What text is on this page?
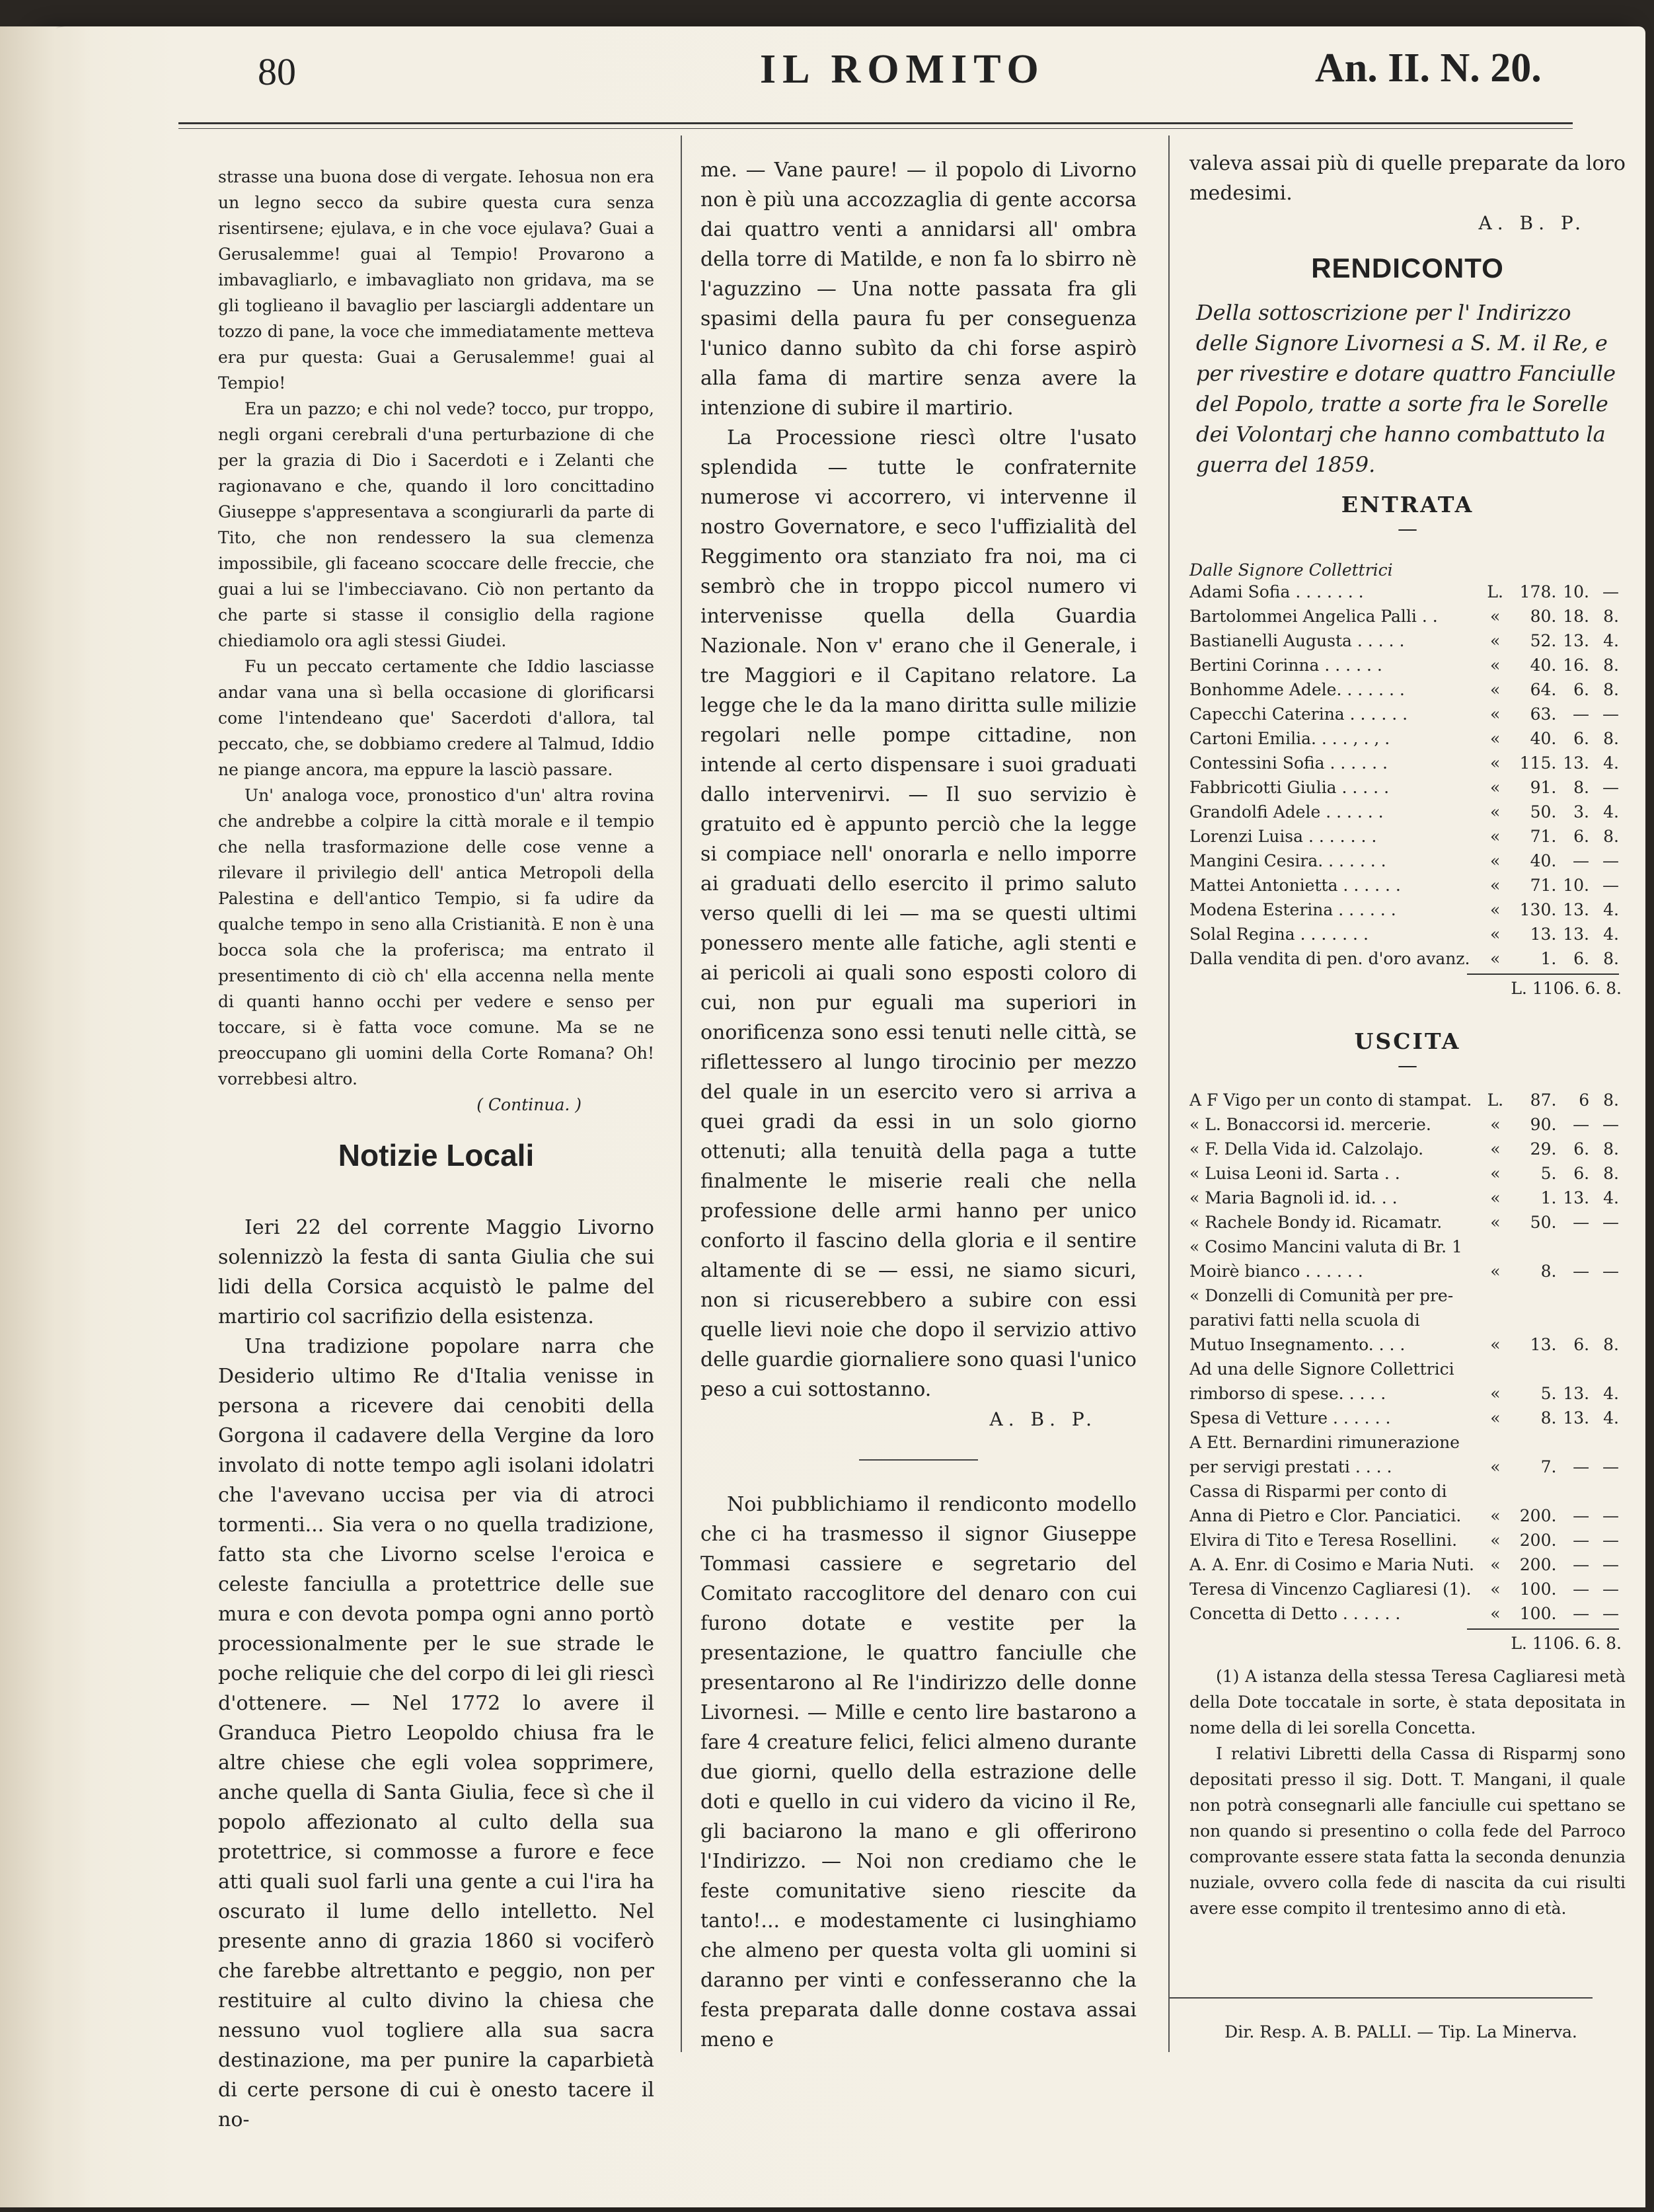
80	IL ROMITO	An. II. N. 20.

strasse una buona dose di vergate. Iehosua non era un legno secco da subire questa cura senza risentirsene; ejulava, e in che voce ejulava? Guai a Gerusalemme! guai al Tempio! Provarono a imbavagliarlo, e imbavagliato non gridava, ma se gli toglieano il bavaglio per lasciargli addentare un tozzo di pane, la voce che immediatamente metteva era pur questa: Guai a Gerusalemme! guai al Tempio!

Era un pazzo; e chi nol vede? tocco, pur troppo, negli organi cerebrali d'una perturbazione di che per la grazia di Dio i Sacerdoti e i Zelanti che ragionavano e che, quando il loro concittadino Giuseppe s'appresentava a scongiurarli da parte di Tito, che non rendessero la sua clemenza impossibile, gli faceano scoccare delle freccie, che guai a lui se l'imbecciavano. Ciò non pertanto da che parte si stasse il consiglio della ragione chiediamolo ora agli stessi Giudei.

Fu un peccato certamente che Iddio lasciasse andar vana una sì bella occasione di glorificarsi come l'intendeano que' Sacerdoti d'allora, tal peccato, che, se dobbiamo credere al Talmud, Iddio ne piange ancora, ma eppure la lasciò passare.

Un' analoga voce, pronostico d'un' altra rovina che andrebbe a colpire la città morale e il tempio che nella trasformazione delle cose venne a rilevare il privilegio dell' antica Metropoli della Palestina e dell'antico Tempio, si fa udire da qualche tempo in seno alla Cristianità. E non è una bocca sola che la proferisca; ma entrato il presentimento di ciò ch' ella accenna nella mente di quanti hanno occhi per vedere e senso per toccare, si è fatta voce comune. Ma se ne preoccupano gli uomini della Corte Romana? Oh! vorrebbesi altro.

( Continua. )

Notizie Locali

Ieri 22 del corrente Maggio Livorno solennizzò la festa di santa Giulia che sui lidi della Corsica acquistò le palme del martirio col sacrifizio della esistenza.

Una tradizione popolare narra che Desiderio ultimo Re d'Italia venisse in persona a ricevere dai cenobiti della Gorgona il cadavere della Vergine da loro involato di notte tempo agli isolani idolatri che l'avevano uccisa per via di atroci tormenti... Sia vera o no quella tradizione, fatto sta che Livorno scelse l'eroica e celeste fanciulla a protettrice delle sue mura e con devota pompa ogni anno portò processionalmente per le sue strade le poche reliquie che del corpo di lei gli riescì d'ottenere. — Nel 1772 lo avere il Granduca Pietro Leopoldo chiusa fra le altre chiese che egli volea sopprimere, anche quella di Santa Giulia, fece sì che il popolo affezionato al culto della sua protettrice, si commosse a furore e fece atti quali suol farli una gente a cui l'ira ha oscurato il lume dello intelletto. Nel presente anno di grazia 1860 si vociferò che farebbe altrettanto e peggio, non per restituire al culto divino la chiesa che nessuno vuol togliere alla sua sacra destinazione, ma per punire la caparbietà di certe persone di cui è onesto tacere il no-

me. — Vane paure! — il popolo di Livorno non è più una accozzaglia di gente accorsa dai quattro venti a annidarsi all' ombra della torre di Matilde, e non fa lo sbirro nè l'aguzzino — Una notte passata fra gli spasimi della paura fu per conseguenza l'unico danno subìto da chi forse aspirò alla fama di martire senza avere la intenzione di subire il martirio.

La Processione riescì oltre l'usato splendida — tutte le confraternite numerose vi accorrero, vi intervenne il nostro Governatore, e seco l'uffizialità del Reggimento ora stanziato fra noi, ma ci sembrò che in troppo piccol numero vi intervenisse quella della Guardia Nazionale. Non v' erano che il Generale, i tre Maggiori e il Capitano relatore. La legge che le da la mano diritta sulle milizie regolari nelle pompe cittadine, non intende al certo dispensare i suoi graduati dallo intervenirvi. — Il suo servizio è gratuito ed è appunto perciò che la legge si compiace nell' onorarla e nello imporre ai graduati dello esercito il primo saluto verso quelli di lei — ma se questi ultimi ponessero mente alle fatiche, agli stenti e ai pericoli ai quali sono esposti coloro di cui, non pur eguali ma superiori in onorificenza sono essi tenuti nelle città, se riflettessero al lungo tirocinio per mezzo del quale in un esercito vero si arriva a quei gradi da essi in un solo giorno ottenuti; alla tenuità della paga a tutte finalmente le miserie reali che nella professione delle armi hanno per unico conforto il fascino della gloria e il sentire altamente di se — essi, ne siamo sicuri, non si ricuserebbero a subire con essi quelle lievi noie che dopo il servizio attivo delle guardie giornaliere sono quasi l'unico peso a cui sottostanno.

A. B. P.

Noi pubblichiamo il rendiconto modello che ci ha trasmesso il signor Giuseppe Tommasi cassiere e segretario del Comitato raccoglitore del denaro con cui furono dotate e vestite per la presentazione, le quattro fanciulle che presentarono al Re l'indirizzo delle donne Livornesi. — Mille e cento lire bastarono a fare 4 creature felici, felici almeno durante due giorni, quello della estrazione delle doti e quello in cui videro da vicino il Re, gli baciarono la mano e gli offerirono l'Indirizzo. — Noi non crediamo che le feste comunitative sieno riescite da tanto!... e modestamente ci lusinghiamo che almeno per questa volta gli uomini si daranno per vinti e confesseranno che la festa preparata dalle donne costava assai meno e

valeva assai più di quelle preparate da loro medesimi.

A. B. P.

RENDICONTO

Della sottoscrizione per l' Indirizzo delle Signore Livornesi a S. M. il Re, e per rivestire e dotare quattro Fanciulle del Popolo, tratte a sorte fra le Sorelle dei Volontarj che hanno combattuto la guerra del 1859.

ENTRATA
—
Dalle Signore Collettrici
Adami Sofia . . . . . . .	L.	178.	10.	—
Bartolommei Angelica Palli . .	«	80.	18.	8.
Bastianelli Augusta . . . . .	«	52.	13.	4.
Bertini Corinna . . . . . .	«	40.	16.	8.
Bonhomme Adele. . . . . . .	«	64.	6.	8.
Capecchi Caterina . . . . . .	«	63.	—	—
Cartoni Emilia. . . . , . , .	«	40.	6.	8.
Contessini Sofia . . . . . .	«	115.	13.	4.
Fabbricotti Giulia . . . . .	«	91.	8.	—
Grandolfi Adele . . . . . .	«	50.	3.	4.
Lorenzi Luisa . . . . . . .	«	71.	6.	8.
Mangini Cesira. . . . . . .	«	40.	—	—
Mattei Antonietta . . . . . .	«	71.	10.	—
Modena Esterina . . . . . .	«	130.	13.	4.
Solal Regina . . . . . . .	«	13.	13.	4.
Dalla vendita di pen. d'oro avanz.	«	1.	6.	8.

L. 1106. 6. 8.

USCITA
—
A F Vigo per un conto di stampat.	L.	87.	6	8.
« L. Bonaccorsi id. mercerie.	«	90.	—	—
« F. Della Vida id. Calzolajo.	«	29.	6.	8.
« Luisa Leoni id. Sarta . .	«	5.	6.	8.
« Maria Bagnoli id. id. . .	«	1.	13.	4.
« Rachele Bondy id. Ricamatr.	«	50.	—	—
« Cosimo Mancini valuta di Br. 1				
Moirè bianco . . . . . .	«	8.	—	—
« Donzelli di Comunità per pre-				
parativi fatti nella scuola di				
Mutuo Insegnamento. . . .	«	13.	6.	8.
Ad una delle Signore Collettrici				
rimborso di spese. . . . .	«	5.	13.	4.
Spesa di Vetture . . . . . .	«	8.	13.	4.
A Ett. Bernardini rimunerazione				
per servigi prestati . . . .	«	7.	—	—
Cassa di Risparmi per conto di				
Anna di Pietro e Clor. Panciatici.	«	200.	—	—
Elvira di Tito e Teresa Rosellini.	«	200.	—	—
A. A. Enr. di Cosimo e Maria Nuti.	«	200.	—	—
Teresa di Vincenzo Cagliaresi (1).	«	100.	—	—
Concetta di Detto . . . . . .	«	100.	—	—

L. 1106. 6. 8.

(1) A istanza della stessa Teresa Cagliaresi metà della Dote toccatale in sorte, è stata depositata in nome della di lei sorella Concetta.

I relativi Libretti della Cassa di Risparmj sono depositati presso il sig. Dott. T. Mangani, il quale non potrà consegnarli alle fanciulle cui spettano se non quando si presentino o colla fede del Parroco comprovante essere stata fatta la seconda denunzia nuziale, ovvero colla fede di nascita da cui risulti avere esse compito il trentesimo anno di età.

Dir. Resp. A. B. PALLI. — Tip. La Minerva.
